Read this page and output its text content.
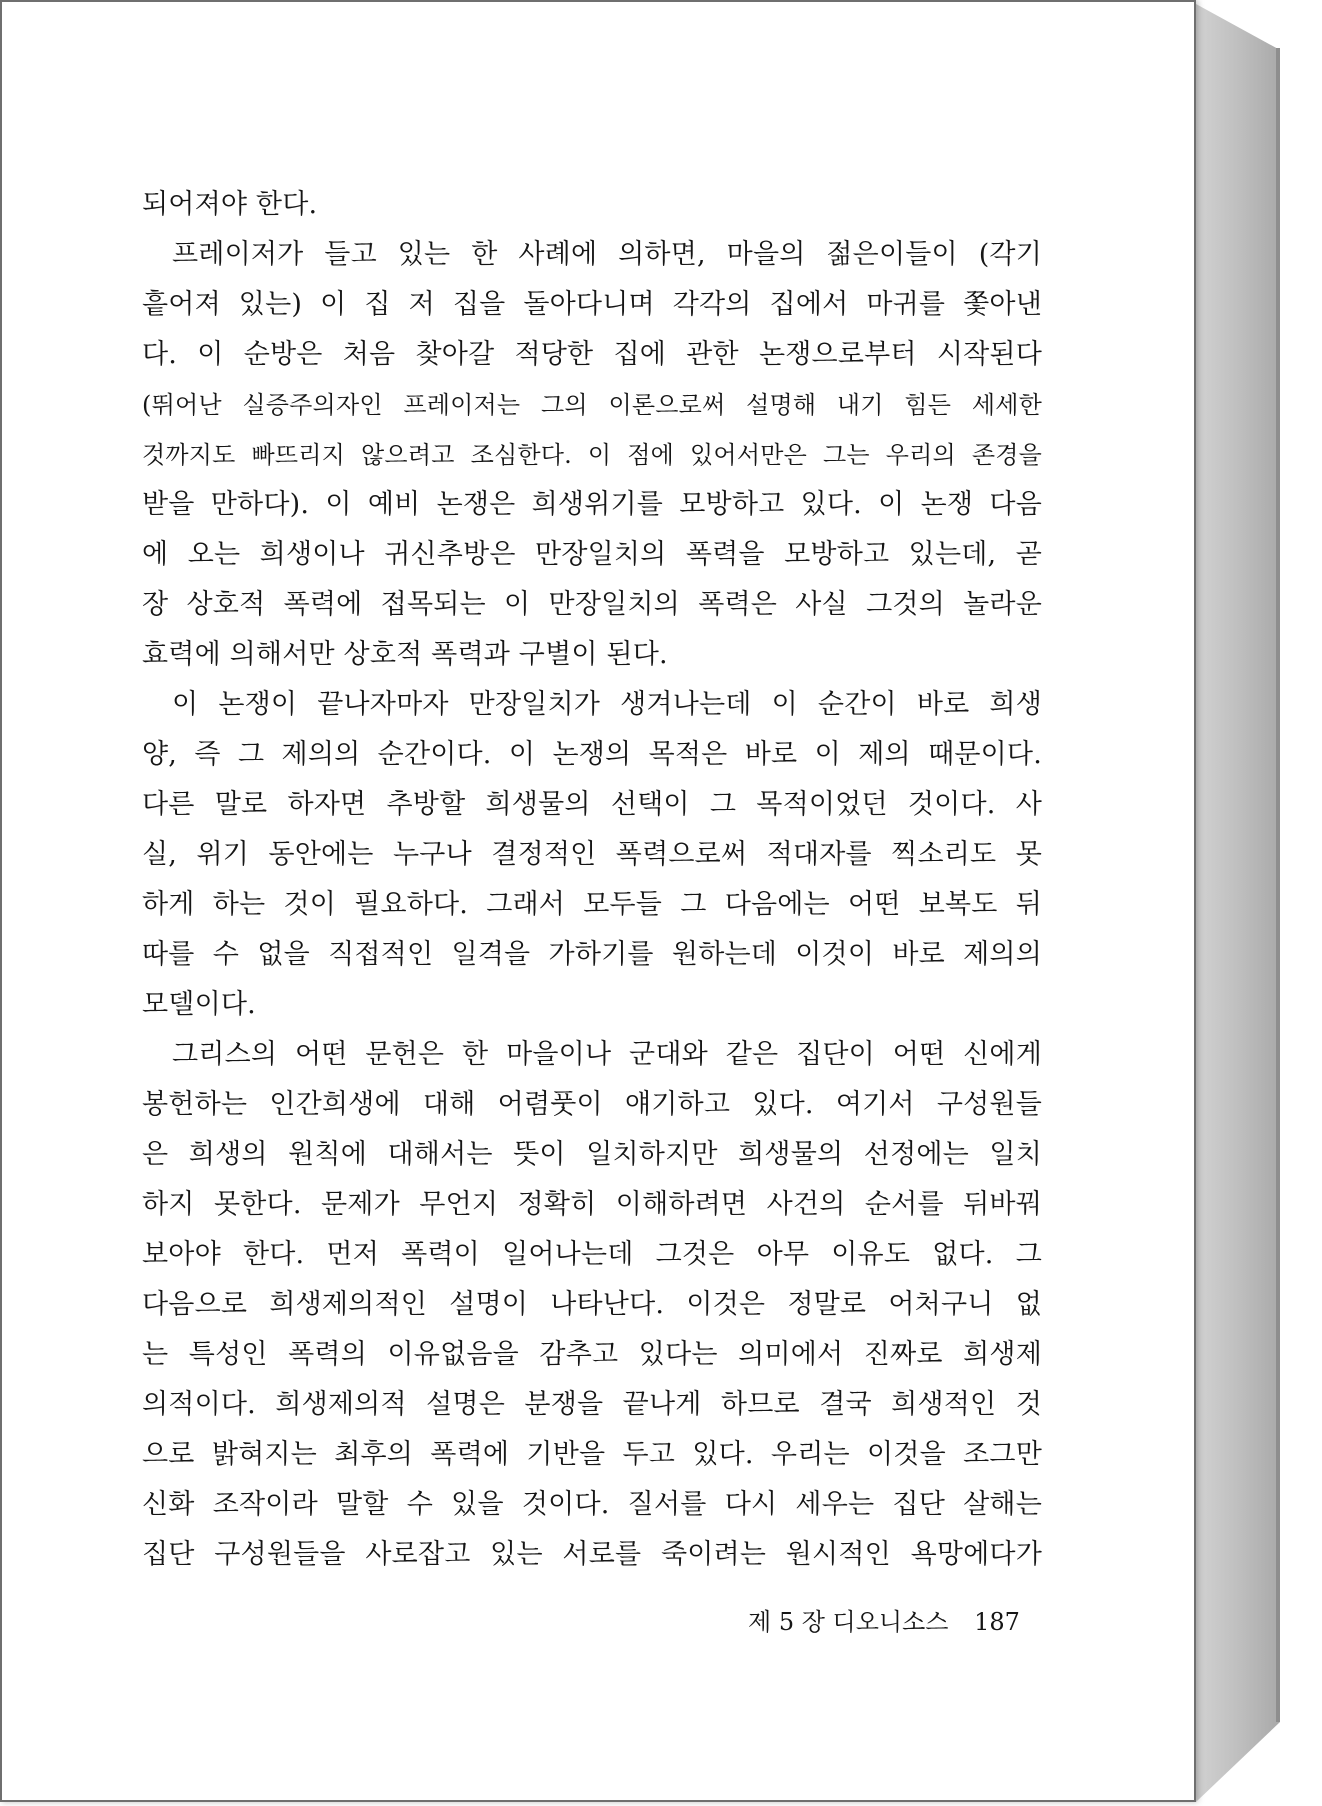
되어져야 한다.
프레이저가 들고 있는 한 사례에 의하면, 마을의 젊은이들이 (각기
흩어져 있는) 이 집 저 집을 돌아다니며 각각의 집에서 마귀를 쫓아낸
다. 이 순방은 처음 찾아갈 적당한 집에 관한 논쟁으로부터 시작된다
(뛰어난 실증주의자인 프레이저는 그의 이론으로써 설명해 내기 힘든 세세한
것까지도 빠뜨리지 않으려고 조심한다. 이 점에 있어서만은 그는 우리의 존경을
받을 만하다). 이 예비 논쟁은 희생위기를 모방하고 있다. 이 논쟁 다음
에 오는 희생이나 귀신추방은 만장일치의 폭력을 모방하고 있는데, 곧
장 상호적 폭력에 접목되는 이 만장일치의 폭력은 사실 그것의 놀라운
효력에 의해서만 상호적 폭력과 구별이 된다.
이 논쟁이 끝나자마자 만장일치가 생겨나는데 이 순간이 바로 희생
양, 즉 그 제의의 순간이다. 이 논쟁의 목적은 바로 이 제의 때문이다.
다른 말로 하자면 추방할 희생물의 선택이 그 목적이었던 것이다. 사
실, 위기 동안에는 누구나 결정적인 폭력으로써 적대자를 찍소리도 못
하게 하는 것이 필요하다. 그래서 모두들 그 다음에는 어떤 보복도 뒤
따를 수 없을 직접적인 일격을 가하기를 원하는데 이것이 바로 제의의
모델이다.
그리스의 어떤 문헌은 한 마을이나 군대와 같은 집단이 어떤 신에게
봉헌하는 인간희생에 대해 어렴풋이 얘기하고 있다. 여기서 구성원들
은 희생의 원칙에 대해서는 뜻이 일치하지만 희생물의 선정에는 일치
하지 못한다. 문제가 무언지 정확히 이해하려면 사건의 순서를 뒤바꿔
보아야 한다. 먼저 폭력이 일어나는데 그것은 아무 이유도 없다. 그
다음으로 희생제의적인 설명이 나타난다. 이것은 정말로 어처구니 없
는 특성인 폭력의 이유없음을 감추고 있다는 의미에서 진짜로 희생제
의적이다. 희생제의적 설명은 분쟁을 끝나게 하므로 결국 희생적인 것
으로 밝혀지는 최후의 폭력에 기반을 두고 있다. 우리는 이것을 조그만
신화 조작이라 말할 수 있을 것이다. 질서를 다시 세우는 집단 살해는
집단 구성원들을 사로잡고 있는 서로를 죽이려는 원시적인 욕망에다가
제 5 장 디오니소스 187
